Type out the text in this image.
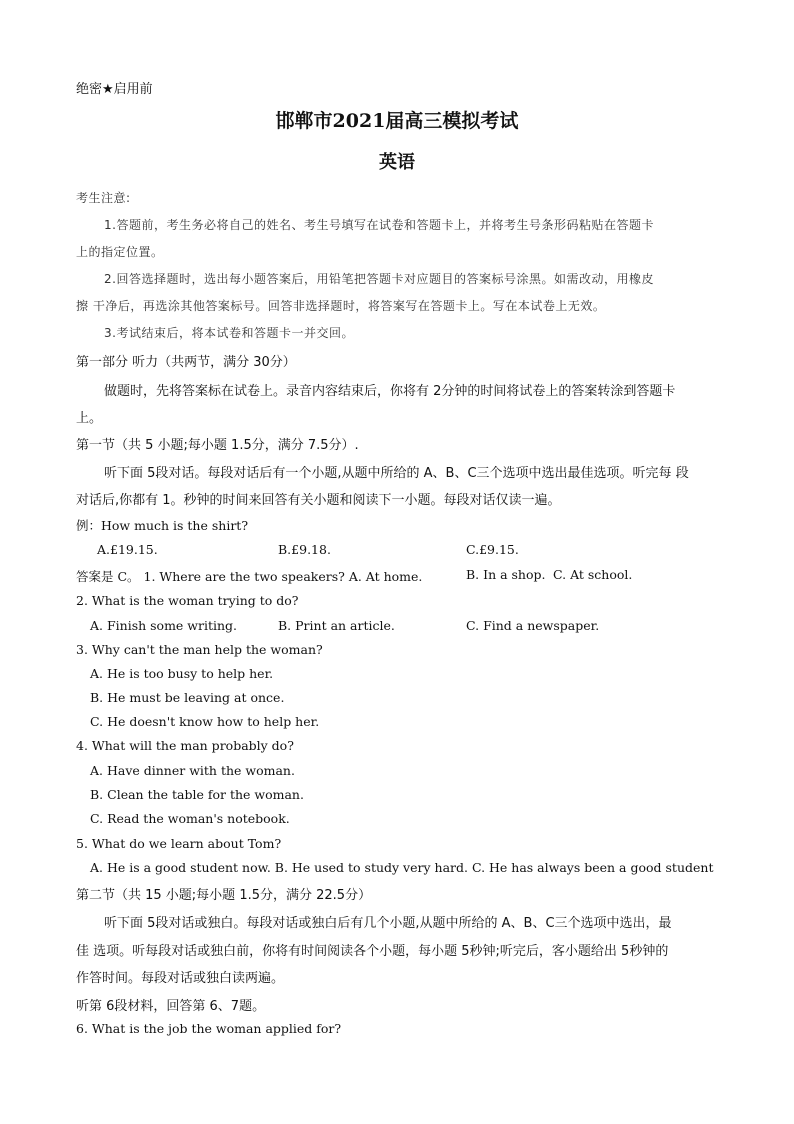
绝密★启用前
邯郸市2021届高三模拟考试
英语
考生注意:
1.答题前，考生务必将自己的姓名、考生号填写在试卷和答题卡上，并将考生号条形码粘贴在答题卡
上的指定位置。
2.回答选择题时，选出每小题答案后，用铅笔把答题卡对应题目的答案标号涂黑。如需改动，用橡皮
擦 干净后，再选涂其他答案标号。回答非选择题时，将答案写在答题卡上。写在本试卷上无效。
3.考试结束后，将本试卷和答题卡一并交回。
第一部分 听力（共两节，满分 30分）
做题时，先将答案标在试卷上。录音内容结束后，你将有 2分钟的时间将试卷上的答案转涂到答题卡
上。
第一节（共 5 小题;每小题 1.5分，满分 7.5分）.
听下面 5段对话。每段对话后有一个小题,从题中所给的 A、B、C三个选项中选出最佳选项。听完每 段
对话后,你都有 1。秒钟的时间来回答有关小题和阅读下一小题。每段对话仅读一遍。
例：How much is the shirt?
A.£19.15.	B.£9.18.	C.£9.15.
答案是 C。 1. Where are the two speakers? A. At home.	B. In a shop. C. At school.
2. What is the woman trying to do?
A. Finish some writing.	B. Print an article.	C. Find a newspaper.
3. Why can't the man help the woman?
A. He is too busy to help her.
B. He must be leaving at once.
C. He doesn't know how to help her.
4. What will the man probably do?
A. Have dinner with the woman.
B. Clean the table for the woman.
C. Read the woman's notebook.
5. What do we learn about Tom?
A. He is a good student now. B. He used to study very hard. C. He has always been a good student
第二节（共 15 小题;每小题 1.5分，满分 22.5分）
听下面 5段对话或独白。每段对话或独白后有几个小题,从题中所给的 A、B、C三个选项中选出，最
佳 选项。听每段对话或独白前，你将有时间阅读各个小题，每小题 5秒钟;听完后，客小题给出 5秒钟的
作答时间。每段对话或独白读两遍。
听第 6段材料，回答第 6、7题。
6. What is the job the woman applied for?
